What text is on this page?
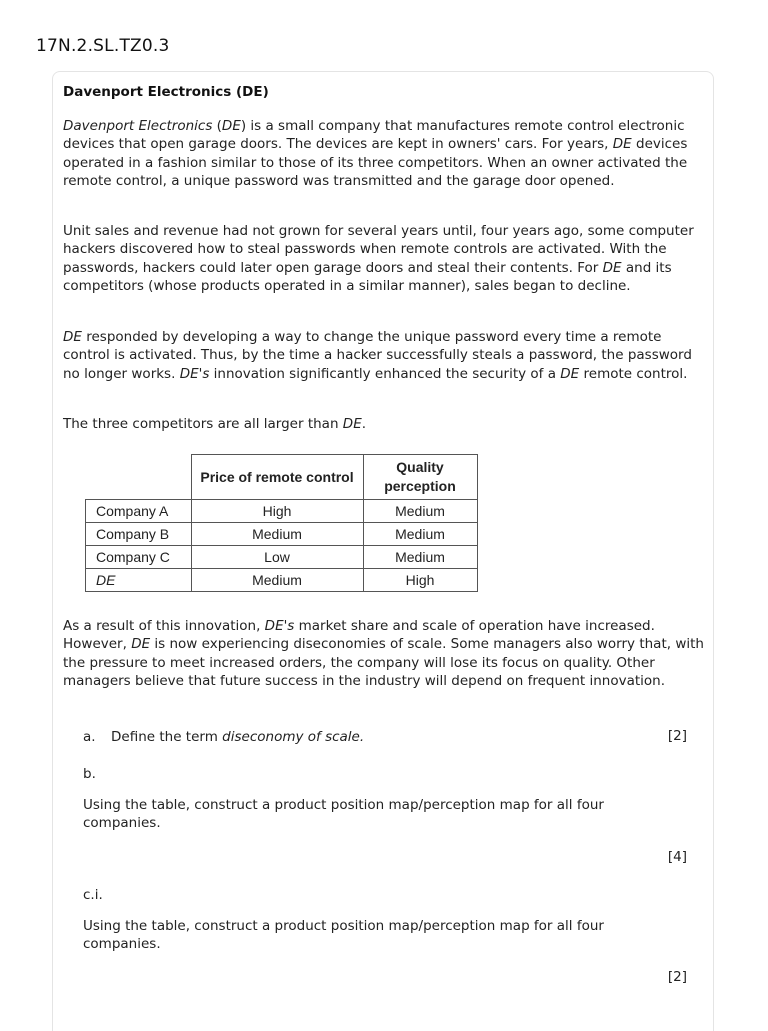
17N.2.SL.TZ0.3
Davenport Electronics (DE)
Davenport Electronics (DE) is a small company that manufactures remote control electronic devices that open garage doors. The devices are kept in owners' cars. For years, DE devices operated in a fashion similar to those of its three competitors. When an owner activated the remote control, a unique password was transmitted and the garage door opened.
Unit sales and revenue had not grown for several years until, four years ago, some computer hackers discovered how to steal passwords when remote controls are activated. With the passwords, hackers could later open garage doors and steal their contents. For DE and its competitors (whose products operated in a similar manner), sales began to decline.
DE responded by developing a way to change the unique password every time a remote control is activated. Thus, by the time a hacker successfully steals a password, the password no longer works. DE's innovation significantly enhanced the security of a DE remote control.
The three competitors are all larger than DE.
	Price of remote control	Quality perception
Company A	High	Medium
Company B	Medium	Medium
Company C	Low	Medium
DE	Medium	High
As a result of this innovation, DE's market share and scale of operation have increased. However, DE is now experiencing diseconomies of scale. Some managers also worry that, with the pressure to meet increased orders, the company will lose its focus on quality. Other managers believe that future success in the industry will depend on frequent innovation.
a. Define the term diseconomy of scale.	[2]
b.
Using the table, construct a product position map/perception map for all four companies.
[4]
c.i.
Using the table, construct a product position map/perception map for all four companies.
[2]
